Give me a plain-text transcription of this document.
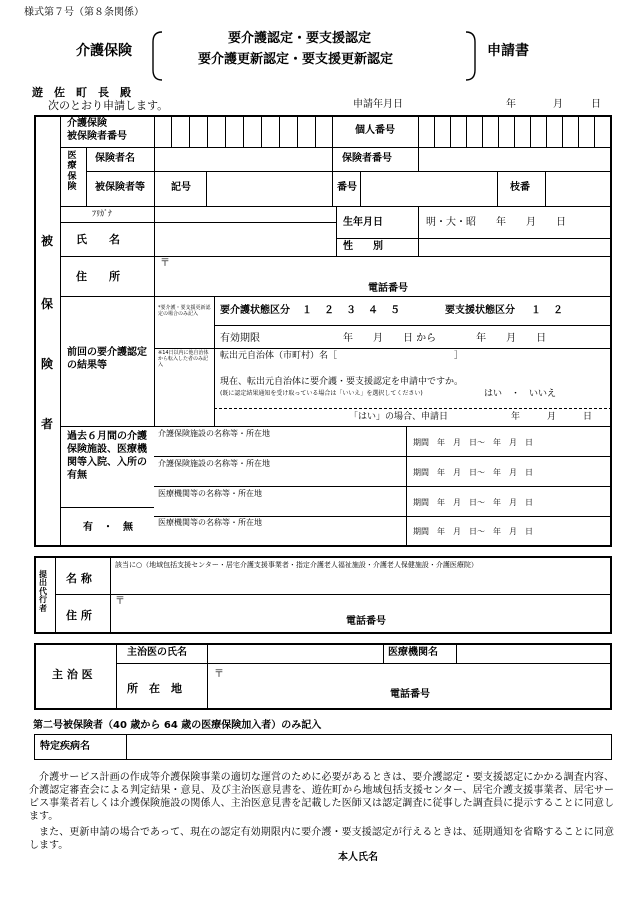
様式第７号（第８条関係）
介護保険
要介護認定・要支援認定
要介護更新認定・要支援更新認定
申請書
遊　佐　町　長　殿
次のとおり申請します。	申請年月日	年	月	日
被
保
険
者
介護保険
被保険者番号
個人番号
医療保険
保険者名	保険者番号
被保険者等	記号	番号	枝番
ﾌﾘｶﾞﾅ
氏　　名
生年月日	明・大・昭　　年　　月　　日
性　　別
住　　所
〒
電話番号
前回の要介護認定の結果等
*要介護・要支援更新認定の場合のみ記入
※14日以内に他自治体から転入した者のみ記入
要介護状態区分 １　２　３　４　５	要支援状態区分 １　２
有効期限	年　　月　　日 から　　　　年　　月　　日
転出元自治体（市町村）名［　　　　　　　　　　　　　］
現在、転出元自治体に要介護・要支援認定を申請中ですか。
(既に認定結果通知を受け取っている場合は「いいえ」を選択してください)	はい　・　いいえ
「はい」の場合、申請日　　　　　　　年　　　月　　　日
過去６月間の介護保険施設、医療機関等入院、入所の有無
有　・　無
介護保険施設の名称等・所在地
期間　年　月　日～　年　月　日
介護保険施設の名称等・所在地
期間　年　月　日～　年　月　日
医療機関等の名称等・所在地
期間　年　月　日～　年　月　日
医療機関等の名称等・所在地
期間　年　月　日～　年　月　日
提出代行者
名 称
該当に○（地域包括支援センター・居宅介護支援事業者・指定介護老人福祉施設・介護老人保健施設・介護医療院）
住 所
〒
電話番号
主 治 医
主治医の氏名	医療機関名
所　在　地
〒
電話番号
第二号被保険者（40 歳から 64 歳の医療保険加入者）のみ記入
特定疾病名
介護サービス計画の作成等介護保険事業の適切な運営のために必要があるときは、要介護認定・要支援認定にかかる調査内容、介護認定審査会による判定結果・意見、及び主治医意見書を、遊佐町から地域包括支援センター、居宅介護支援事業者、居宅サービス事業者若しくは介護保険施設の関係人、主治医意見書を記載した医師又は認定調査に従事した調査員に提示することに同意します。
また、更新申請の場合であって、現在の認定有効期限内に要介護・要支援認定が行えるときは、延期通知を省略することに同意します。
本人氏名
